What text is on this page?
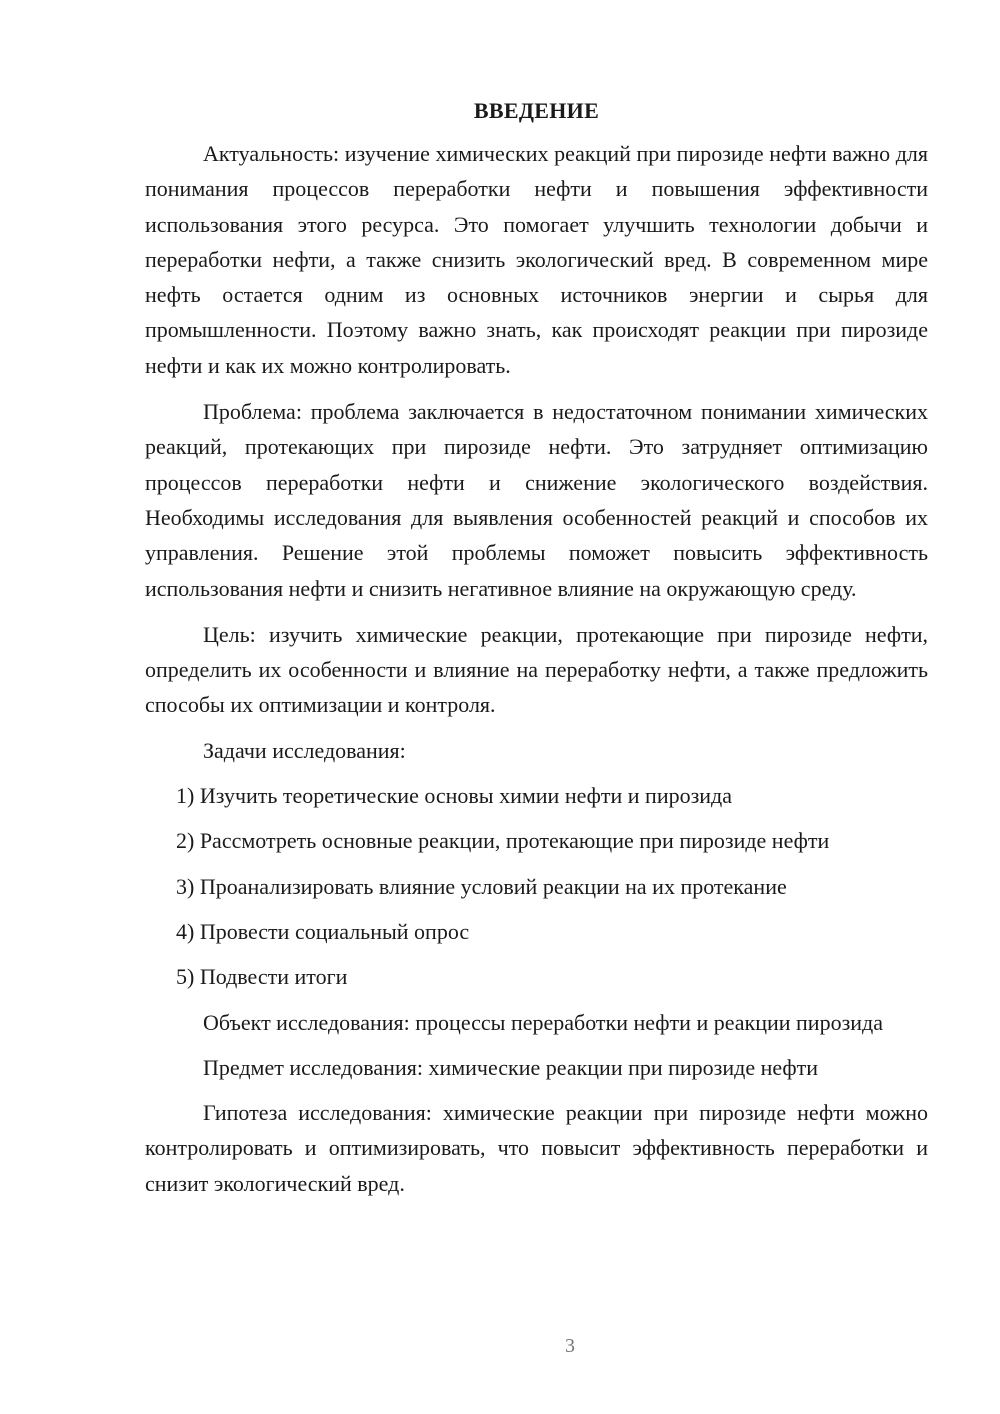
ВВЕДЕНИЕ

Актуальность: изучение химических реакций при пирозиде нефти важно для понимания процессов переработки нефти и повышения эффективности использования этого ресурса. Это помогает улучшить технологии добычи и переработки нефти, а также снизить экологический вред. В современном мире нефть остается одним из основных источников энергии и сырья для промышленности. Поэтому важно знать, как происходят реакции при пирозиде нефти и как их можно контролировать.

Проблема: проблема заключается в недостаточном понимании химических реакций, протекающих при пирозиде нефти. Это затрудняет оптимизацию процессов переработки нефти и снижение экологического воздействия. Необходимы исследования для выявления особенностей реакций и способов их управления. Решение этой проблемы поможет повысить эффективность использования нефти и снизить негативное влияние на окружающую среду.

Цель: изучить химические реакции, протекающие при пирозиде нефти, определить их особенности и влияние на переработку нефти, а также предложить способы их оптимизации и контроля.

Задачи исследования:

1) Изучить теоретические основы химии нефти и пирозида
2) Рассмотреть основные реакции, протекающие при пирозиде нефти
3) Проанализировать влияние условий реакции на их протекание
4) Провести социальный опрос
5) Подвести итоги

Объект исследования: процессы переработки нефти и реакции пирозида

Предмет исследования: химические реакции при пирозиде нефти

Гипотеза исследования: химические реакции при пирозиде нефти можно контролировать и оптимизировать, что повысит эффективность переработки и снизит экологический вред.

3
